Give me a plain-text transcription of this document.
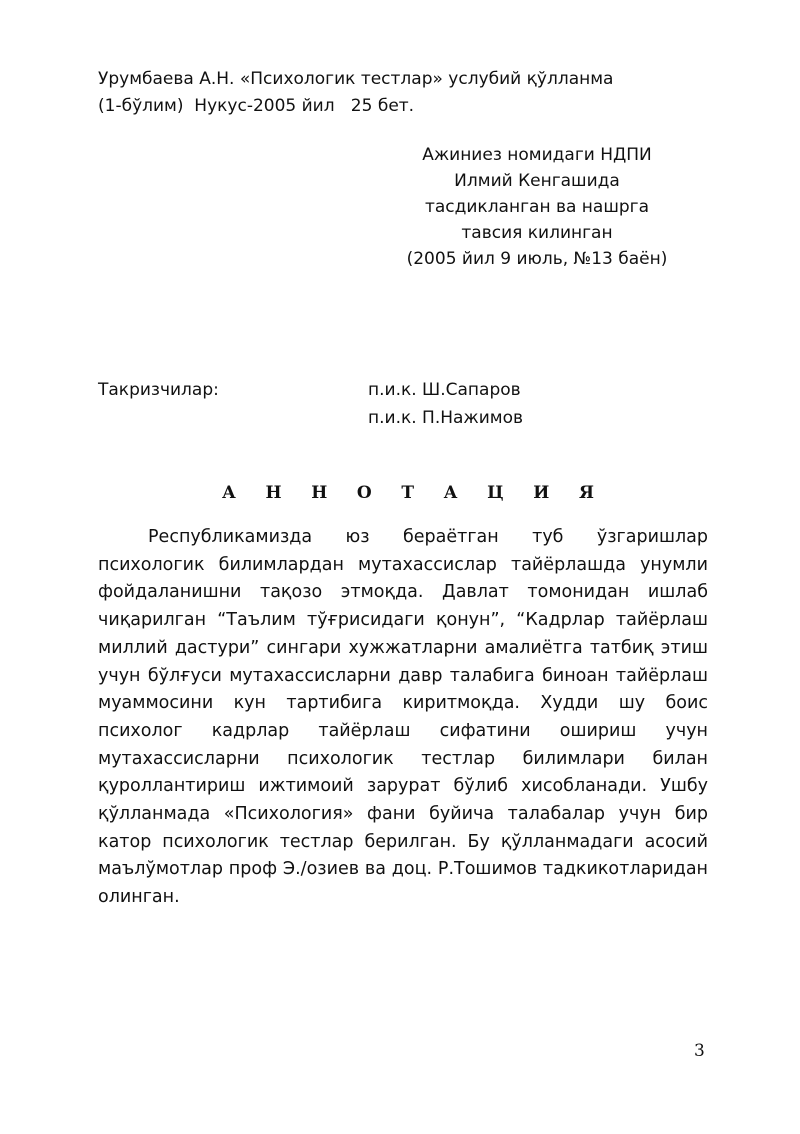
Урумбаева А.Н. «Психологик тестлар» услубий қўлланма
(1-бўлим)  Нукус-2005 йил   25 бет.
Ажиниез номидаги НДПИ
Илмий Кенгашида
тасдикланган ва нашрга
тавсия килинган
(2005 йил 9 июль, №13 баён)
Такризчилар:	п.и.к. Ш.Сапаров
п.и.к. П.Нажимов
А Н Н О Т А Ц И Я

Республикамизда юз бераётган туб ўзгаришлар психологик билимлардан мутахассислар тайёрлашда унумли фойдаланишни тақозо этмоқда. Давлат томонидан ишлаб чиқарилган “Таълим тўғрисидаги қонун”, “Кадрлар тайёрлаш миллий дастури” сингари хужжатларни амалиётга татбиқ этиш учун бўлғуси мутахассисларни давр талабига биноан тайёрлаш муаммосини кун тартибига киритмоқда. Худди шу боис психолог кадрлар тайёрлаш сифатини ошириш учун мутахассисларни психологик тестлар билимлари билан қуроллантириш ижтимоий зарурат бўлиб хисобланади. Ушбу қўлланмада «Психология» фани буйича талабалар учун бир катор психологик тестлар берилган. Бу қўлланмадаги асосий маълўмотлар проф Э./озиев ва доц. Р.Тошимов тадкикотларидан олинган.

3
